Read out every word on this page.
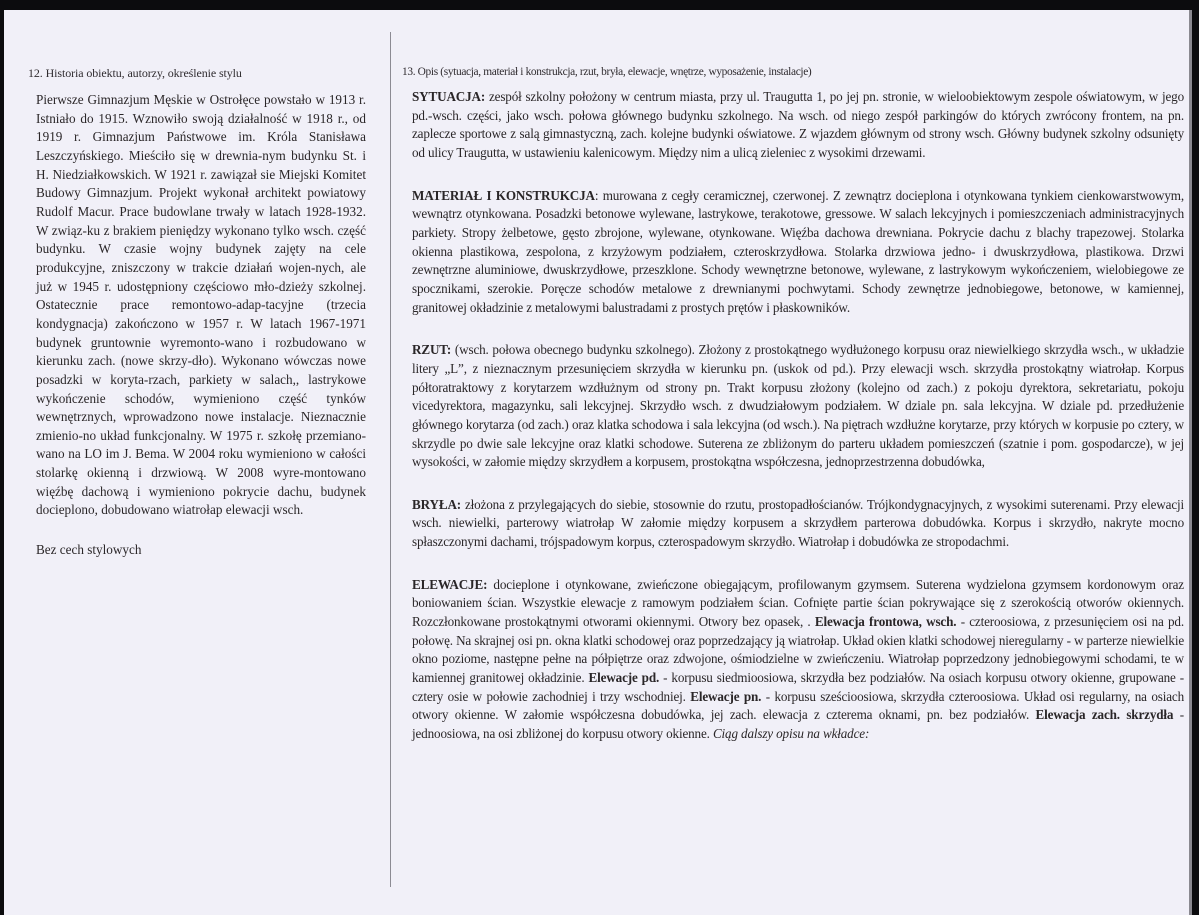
12. Historia obiektu, autorzy, określenie stylu

Pierwsze Gimnazjum Męskie w Ostrołęce powstało w 1913 r. Istniało do 1915. Wznowiło swoją działalność w 1918 r., od 1919 r. Gimnazjum Państwowe im. Króla Stanisława Leszczyńskiego. Mieściło się w drewnia-nym budynku St. i H. Niedziałkowskich. W 1921 r. zawiązał sie Miejski Komitet Budowy Gimnazjum. Projekt wykonał architekt powiatowy Rudolf Macur. Prace budowlane trwały w latach 1928-1932. W związ-ku z brakiem pieniędzy wykonano tylko wsch. część budynku. W czasie wojny budynek zajęty na cele produkcyjne, zniszczony w trakcie działań wojen-nych, ale już w 1945 r. udostępniony częściowo mło-dzieży szkolnej. Ostatecznie prace remontowo-adap-tacyjne (trzecia kondygnacja) zakończono w 1957 r. W latach 1967-1971 budynek gruntownie wyremonto-wano i rozbudowano w kierunku zach. (nowe skrzy-dło). Wykonano wówczas nowe posadzki w koryta-rzach, parkiety w salach,, lastrykowe wykończenie schodów, wymieniono część tynków wewnętrznych, wprowadzono nowe instalacje. Nieznacznie zmienio-no układ funkcjonalny. W 1975 r. szkołę przemiano-wano na LO im J. Bema. W 2004 roku wymieniono w całości stolarkę okienną i drzwiową. W 2008 wyre-montowano więźbę dachową i wymieniono pokrycie dachu, budynek docieplono, dobudowano wiatrołap elewacji wsch.

Bez cech stylowych

13. Opis (sytuacja, materiał i konstrukcja, rzut, bryła, elewacje, wnętrze, wyposażenie, instalacje)

SYTUACJA: zespół szkolny położony w centrum miasta, przy ul. Traugutta 1, po jej pn. stronie, w wieloobiektowym zespole oświatowym, w jego pd.-wsch. części, jako wsch. połowa głównego budynku szkolnego. Na wsch. od niego zespół parkingów do których zwrócony frontem, na pn. zaplecze sportowe z salą gimnastyczną, zach. kolejne budynki oświatowe. Z wjazdem głównym od strony wsch. Główny budynek szkolny odsunięty od ulicy Traugutta, w ustawieniu kalenicowym. Między nim a ulicą zieleniec z wysokimi drzewami.

MATERIAŁ I KONSTRUKCJA: murowana z cegły ceramicznej, czerwonej. Z zewnątrz docieplona i otynkowana tynkiem cienkowarstwowym, wewnątrz otynkowana. Posadzki betonowe wylewane, lastrykowe, terakotowe, gressowe. W salach lekcyjnych i pomieszczeniach administracyjnych parkiety. Stropy żelbetowe, gęsto zbrojone, wylewane, otynkowane. Więźba dachowa drewniana. Pokrycie dachu z blachy trapezowej. Stolarka okienna plastikowa, zespolona, z krzyżowym podziałem, czteroskrzydłowa. Stolarka drzwiowa jedno- i dwuskrzydłowa, plastikowa. Drzwi zewnętrzne aluminiowe, dwuskrzydłowe, przeszklone. Schody wewnętrzne betonowe, wylewane, z lastrykowym wykończeniem, wielobiegowe ze spocznikami, szerokie. Poręcze schodów metalowe z drewnianymi pochwytami. Schody zewnętrze jednobiegowe, betonowe, w kamiennej, granitowej okładzinie z metalowymi balustradami z prostych prętów i płaskowników.

RZUT: (wsch. połowa obecnego budynku szkolnego). Złożony z prostokątnego wydłużonego korpusu oraz niewielkiego skrzydła wsch., w układzie litery „L”, z nieznacznym przesunięciem skrzydła w kierunku pn. (uskok od pd.). Przy elewacji wsch. skrzydła prostokątny wiatrołap. Korpus półtoratraktowy z korytarzem wzdłużnym od strony pn. Trakt korpusu złożony (kolejno od zach.) z pokoju dyrektora, sekretariatu, pokoju vicedyrektora, magazynku, sali lekcyjnej. Skrzydło wsch. z dwudziałowym podziałem. W dziale pn. sala lekcyjna. W dziale pd. przedłużenie głównego korytarza (od zach.) oraz klatka schodowa i sala lekcyjna (od wsch.). Na piętrach wzdłużne korytarze, przy których w korpusie po cztery, w skrzydle po dwie sale lekcyjne oraz klatki schodowe. Suterena ze zbliżonym do parteru układem pomieszczeń (szatnie i pom. gospodarcze), w jej wysokości, w załomie między skrzydłem a korpusem, prostokątna współczesna, jednoprzestrzenna dobudówka,

BRYŁA: złożona z przylegających do siebie, stosownie do rzutu, prostopadłościanów. Trójkondygnacyjnych, z wysokimi suterenami. Przy elewacji wsch. niewielki, parterowy wiatrołap W załomie między korpusem a skrzydłem parterowa dobudówka. Korpus i skrzydło, nakryte mocno spłaszczonymi dachami, trójspadowym korpus, czterospadowym skrzydło. Wiatrołap i dobudówka ze stropodachmi.

ELEWACJE: docieplone i otynkowane, zwieńczone obiegającym, profilowanym gzymsem. Suterena wydzielona gzymsem kordonowym oraz boniowaniem ścian. Wszystkie elewacje z ramowym podziałem ścian. Cofnięte partie ścian pokrywające się z szerokością otworów okiennych. Rozczłonkowane prostokątnymi otworami okiennymi. Otwory bez opasek, . Elewacja frontowa, wsch. - czteroosiowa, z przesunięciem osi na pd. połowę. Na skrajnej osi pn. okna klatki schodowej oraz poprzedzający ją wiatrołap. Układ okien klatki schodowej nieregularny - w parterze niewielkie okno poziome, następne pełne na półpiętrze oraz zdwojone, ośmiodzielne w zwieńczeniu. Wiatrołap poprzedzony jednobiegowymi schodami, te w kamiennej granitowej okładzinie. Elewacje pd. - korpusu siedmioosiowa, skrzydła bez podziałów. Na osiach korpusu otwory okienne, grupowane - cztery osie w połowie zachodniej i trzy wschodniej. Elewacje pn. - korpusu sześcioosiowa, skrzydła czteroosiowa. Układ osi regularny, na osiach otwory okienne. W załomie współczesna dobudówka, jej zach. elewacja z czterema oknami, pn. bez podziałów. Elewacja zach. skrzydła - jednoosiowa, na osi zbliżonej do korpusu otwory okienne. Ciąg dalszy opisu na wkładce:
